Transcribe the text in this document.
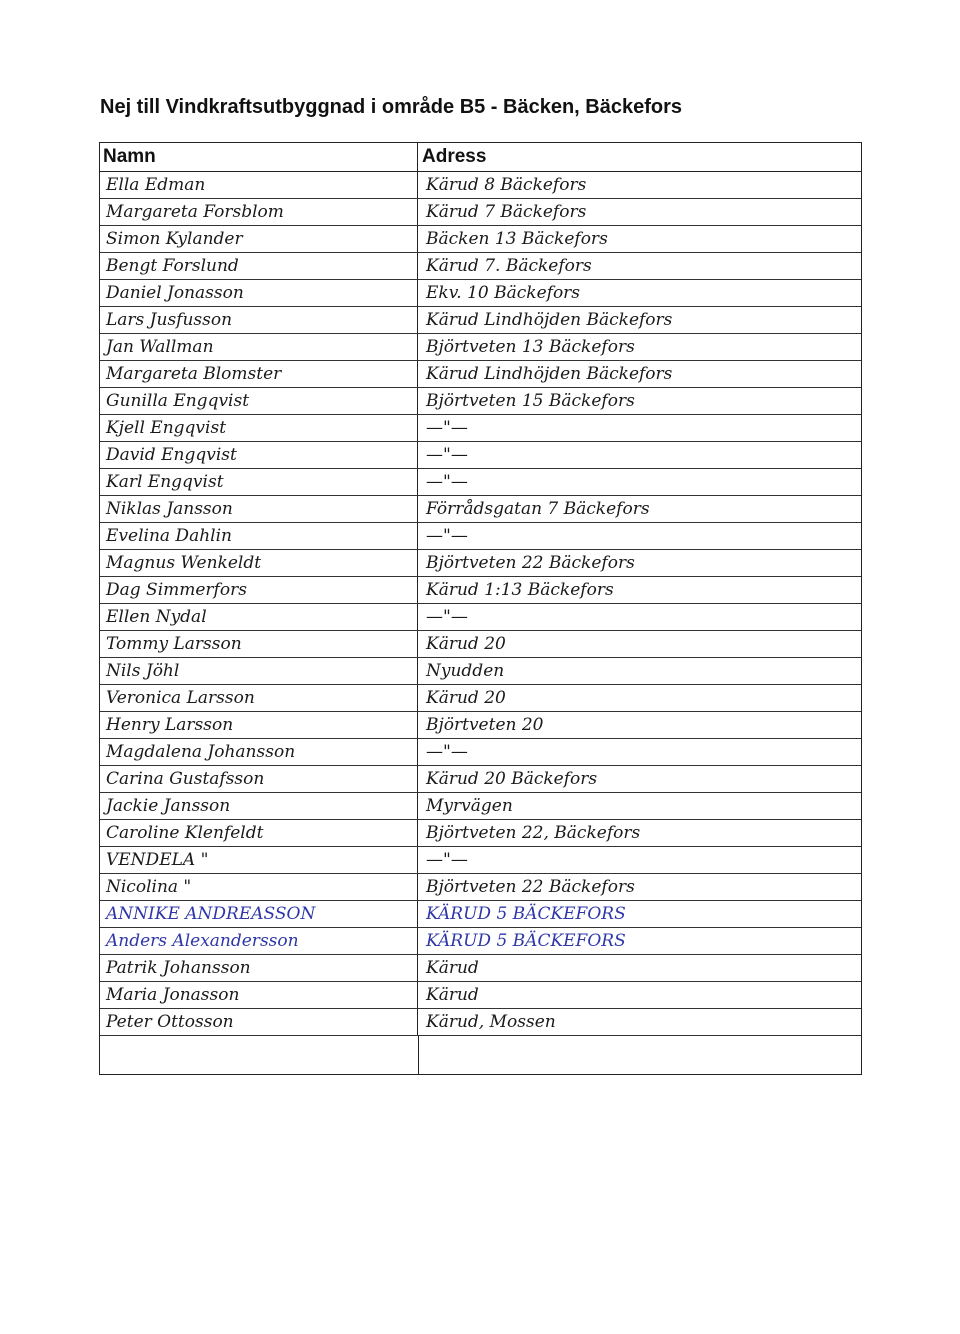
Nej till Vindkraftsutbyggnad i område B5 - Bäcken, Bäckefors
Namn	Adress
Ella Edman	Kärud 8 Bäckefors
Margareta Forsblom	Kärud 7 Bäckefors
Simon Kylander	Bäcken 13 Bäckefors
Bengt Forslund	Kärud 7. Bäckefors
Daniel Jonasson	Ekv. 10 Bäckefors
Lars Jusfusson	Kärud Lindhöjden Bäckefors
Jan Wallman	Björtveten 13 Bäckefors
Margareta Blomster	Kärud Lindhöjden Bäckefors
Gunilla Engqvist	Björtveten 15 Bäckefors
Kjell Engqvist	—"—
David Engqvist	—"—
Karl Engqvist	—"—
Niklas Jansson	Förrådsgatan 7 Bäckefors
Evelina Dahlin	—"—
Magnus Wenkeldt	Björtveten 22 Bäckefors
Dag Simmerfors	Kärud 1:13 Bäckefors
Ellen Nydal	—"—
Tommy Larsson	Kärud 20
Nils Jöhl	Nyudden
Veronica Larsson	Kärud 20
Henry Larsson	Björtveten 20
Magdalena Johansson	—"—
Carina Gustafsson	Kärud 20 Bäckefors
Jackie Jansson	Myrvägen
Caroline Klenfeldt	Björtveten 22, Bäckefors
VENDELA "	—"—
Nicolina "	Björtveten 22 Bäckefors
ANNIKE ANDREASSON	KÄRUD 5 BÄCKEFORS
Anders Alexandersson	KÄRUD 5 BÄCKEFORS
Patrik Johansson	Kärud
Maria Jonasson	Kärud
Peter Ottosson	Kärud, Mossen
